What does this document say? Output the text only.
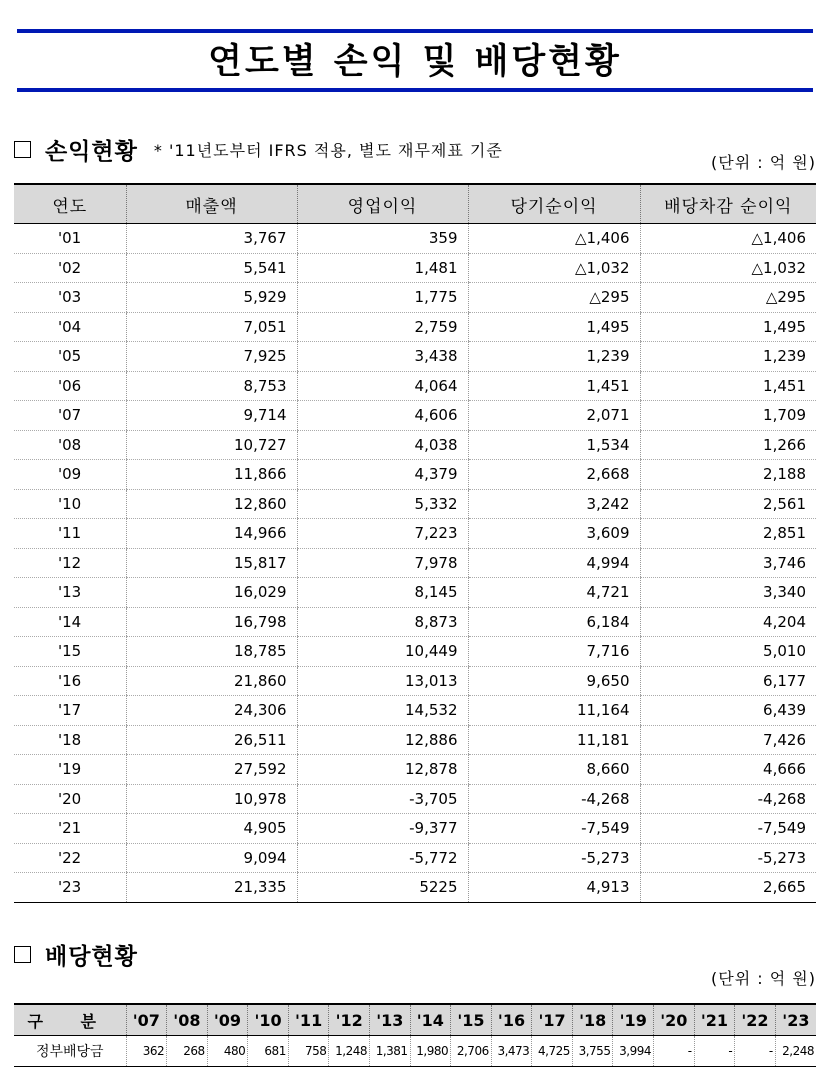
연도별 손익 및 배당현황
손익현황 * '11년도부터 IFRS 적용, 별도 재무제표 기준
(단위 : 억 원)
연도	매출액	영업이익	당기순이익	배당차감 순이익
'01	3,767	359	△1,406	△1,406
'02	5,541	1,481	△1,032	△1,032
'03	5,929	1,775	△295	△295
'04	7,051	2,759	1,495	1,495
'05	7,925	3,438	1,239	1,239
'06	8,753	4,064	1,451	1,451
'07	9,714	4,606	2,071	1,709
'08	10,727	4,038	1,534	1,266
'09	11,866	4,379	2,668	2,188
'10	12,860	5,332	3,242	2,561
'11	14,966	7,223	3,609	2,851
'12	15,817	7,978	4,994	3,746
'13	16,029	8,145	4,721	3,340
'14	16,798	8,873	6,184	4,204
'15	18,785	10,449	7,716	5,010
'16	21,860	13,013	9,650	6,177
'17	24,306	14,532	11,164	6,439
'18	26,511	12,886	11,181	7,426
'19	27,592	12,878	8,660	4,666
'20	10,978	-3,705	-4,268	-4,268
'21	4,905	-9,377	-7,549	-7,549
'22	9,094	-5,772	-5,273	-5,273
'23	21,335	5225	4,913	2,665
배당현황
(단위 : 억 원)
구 분	'07	'08	'09	'10	'11	'12	'13	'14	'15	'16	'17	'18	'19	'20	'21	'22	'23
정부배당금	362	268	480	681	758	1,248	1,381	1,980	2,706	3,473	4,725	3,755	3,994	-	-	-	2,248
